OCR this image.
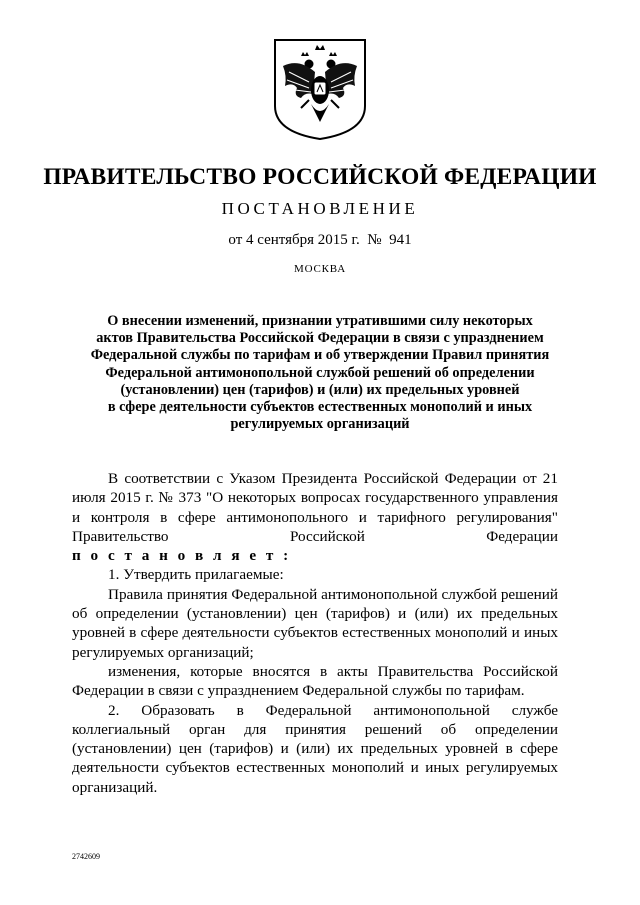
ПРАВИТЕЛЬСТВО РОССИЙСКОЙ ФЕДЕРАЦИИ
ПОСТАНОВЛЕНИЕ
от 4 сентября 2015 г.  №  941
МОСКВА
О внесении изменений, признании утратившими силу некоторых
актов Правительства Российской Федерации в связи с упразднением
Федеральной службы по тарифам и об утверждении Правил принятия
Федеральной антимонопольной службой решений об определении
(установлении) цен (тарифов) и (или) их предельных уровней
в сфере деятельности субъектов естественных монополий и иных
регулируемых организаций
В соответствии с Указом Президента Российской Федерации от 21 июля 2015 г. № 373 "О некоторых вопросах государственного управления и контроля в сфере антимонопольного и тарифного регулирования" Правительство Российской Федерации
п о с т а н о в л я е т :
1. Утвердить прилагаемые:
Правила принятия Федеральной антимонопольной службой решений об определении (установлении) цен (тарифов) и (или) их предельных уровней в сфере деятельности субъектов естественных монополий и иных регулируемых организаций;
изменения, которые вносятся в акты Правительства Российской Федерации в связи с упразднением Федеральной службы по тарифам.
2. Образовать в Федеральной антимонопольной службе коллегиальный орган для принятия решений об определении (установлении) цен (тарифов) и (или) их предельных уровней в сфере деятельности субъектов естественных монополий и иных регулируемых организаций.
2742609
